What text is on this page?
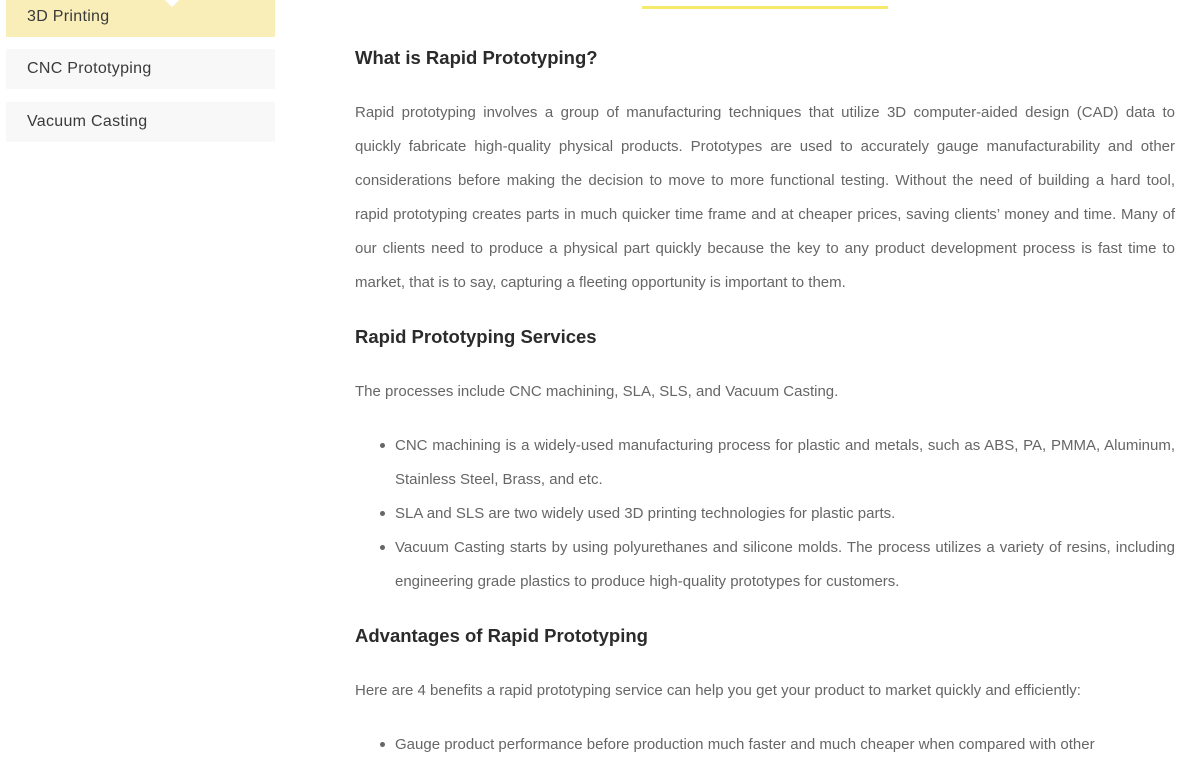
3D Printing
CNC Prototyping
Vacuum Casting
What is Rapid Prototyping?

Rapid prototyping involves a group of manufacturing techniques that utilize 3D computer-aided design (CAD) data to quickly fabricate high-quality physical products. Prototypes are used to accurately gauge manufacturability and other considerations before making the decision to move to more functional testing. Without the need of building a hard tool, rapid prototyping creates parts in much quicker time frame and at cheaper prices, saving clients’ money and time. Many of our clients need to produce a physical part quickly because the key to any product development process is fast time to market, that is to say, capturing a fleeting opportunity is important to them.

Rapid Prototyping Services

The processes include CNC machining, SLA, SLS, and Vacuum Casting.

CNC machining is a widely-used manufacturing process for plastic and metals, such as ABS, PA, PMMA, Aluminum, Stainless Steel, Brass, and etc.
SLA and SLS are two widely used 3D printing technologies for plastic parts.
Vacuum Casting starts by using polyurethanes and silicone molds. The process utilizes a variety of resins, including engineering grade plastics to produce high-quality prototypes for customers.
Advantages of Rapid Prototyping

Here are 4 benefits a rapid prototyping service can help you get your product to market quickly and efficiently:

Gauge product performance before production much faster and much cheaper when compared with other
